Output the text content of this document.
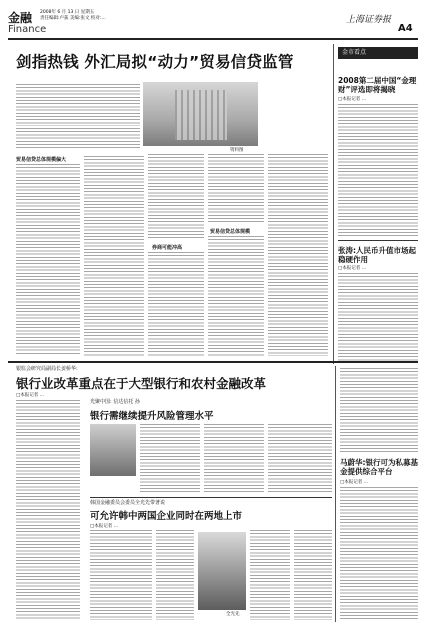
金融
Finance
2008年 6 月 13 日 星期五
责任编辑:卢荻 美编:张文 校对:...	上海证券报
A4
剑指热钱 外汇局拟“动力”贸易信贷监管
资料图
贸易信贷总体规模偏大
券商可能冲高
贸易信贷总体规模
金市看点
2008第二届中国“金理财”评选即将揭晓
□本报记者 ...
张涛:人民币升值市场起稳硬作用
□本报记者 ...
银监会研究局副局长姜桥华:
银行业改革重点在于大型银行和农村金融改革
□本报记者 ...
光聚中国: 信达信托 孙
银行需继续提升风险管理水平
韩国金融委员会委员全光先带著说
可允许韩中两国企业同时在两地上市
□本报记者 ...
全光先
马蔚华:银行可为私募基金提供综合平台
□本报记者 ...
